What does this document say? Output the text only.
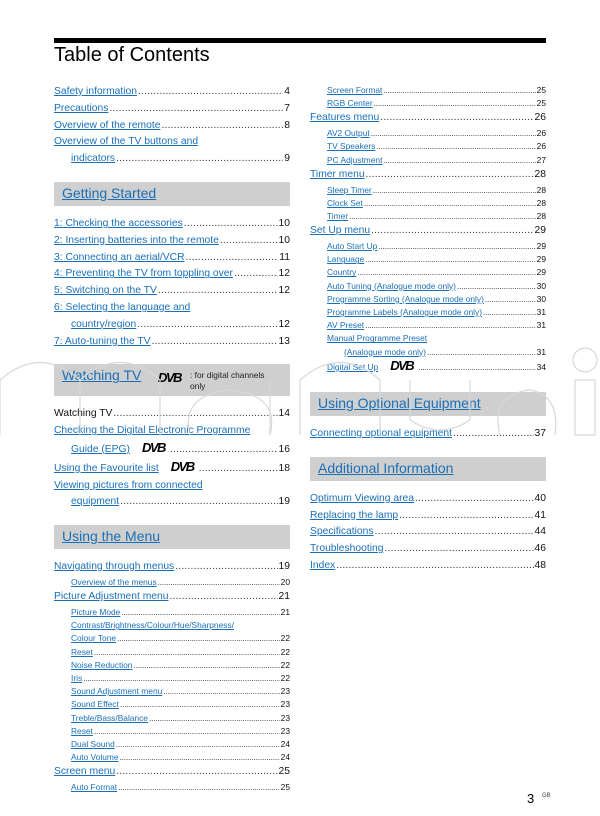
Table of Contents
Safety information .....	4
Precautions .....	7
Overview of the remote .....	8
Overview of the TV buttons and
indicators .....	9
Getting Started
1: Checking the accessories .....	10
2: Inserting batteries into the remote .....	10
3: Connecting an aerial/VCR .....	11
4: Preventing the TV from toppling over .....	12
5: Switching on the TV .....	12
6: Selecting the language and
country/region .....	12
7: Auto-tuning the TV .....	13
Watching TV DVB : for digital channels only
Watching TV .....	14
Checking the Digital Electronic Programme
Guide (EPG) DVB .....	16
Using the Favourite list DVB .....	18
Viewing pictures from connected
equipment .....	19
Using the Menu
Navigating through menus .....	19
Overview of the menus .....	20
Picture Adjustment menu .....	21
Picture Mode .....	21
Contrast/Brightness/Colour/Hue/Sharpness/
Colour Tone .....	22
Reset .....	22
Noise Reduction .....	22
Iris .....	22
Sound Adjustment menu .....	23
Sound Effect .....	23
Treble/Bass/Balance .....	23
Reset .....	23
Dual Sound .....	24
Auto Volume .....	24
Screen menu .....	25
Auto Format .....	25
Screen Format .....	25
RGB Center .....	25
Features menu .....	26
AV2 Output .....	26
TV Speakers .....	26
PC Adjustment .....	27
Timer menu .....	28
Sleep Timer .....	28
Clock Set .....	28
Timer .....	28
Set Up menu .....	29
Auto Start Up .....	29
Language .....	29
Country .....	29
Auto Tuning (Analogue mode only) .....	30
Programme Sorting (Analogue mode only) .....	30
Programme Labels (Analogue mode only) .....	31
AV Preset .....	31
Manual Programme Preset
(Analogue mode only) .....	31
Digital Set Up DVB .....	34
Using Optional Equipment
Connecting optional equipment .....	37
Additional Information
Optimum Viewing area .....	40
Replacing the lamp .....	41
Specifications .....	44
Troubleshooting .....	46
Index .....	48
3 GB
